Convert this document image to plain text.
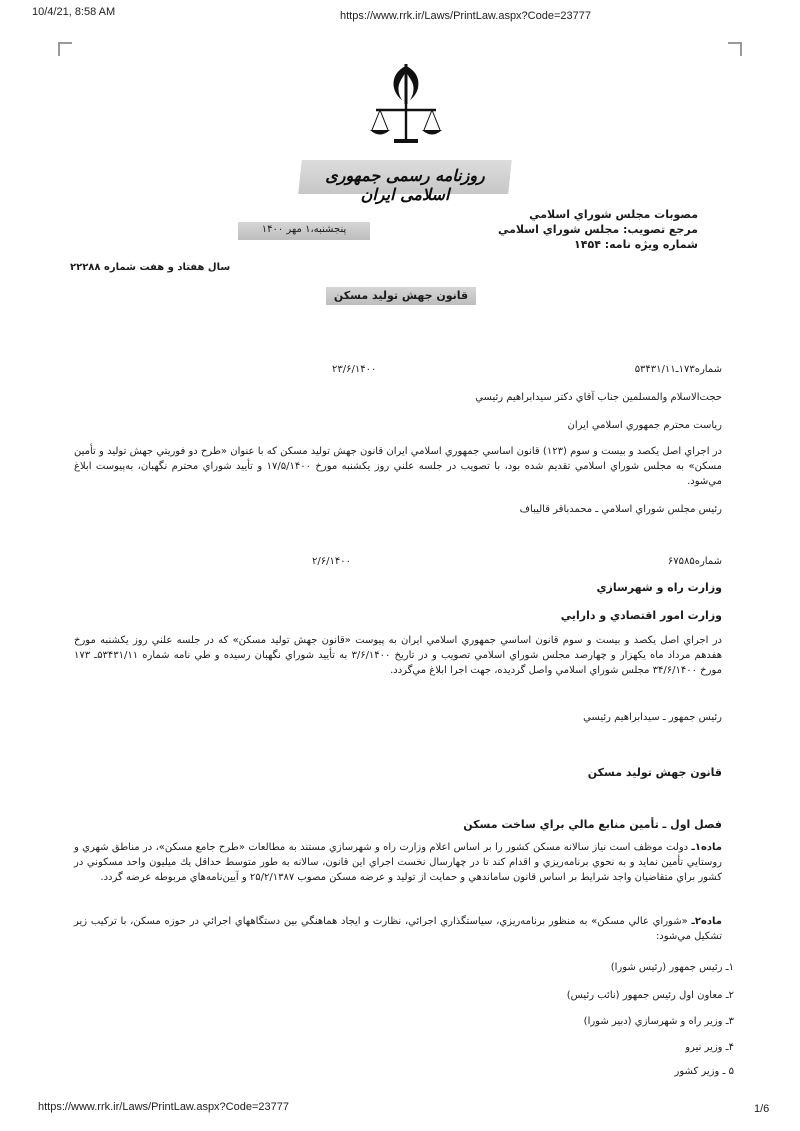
10/4/21, 8:58 AM	https://www.rrk.ir/Laws/PrintLaw.aspx?Code=23777
روزنامه رسمی جمهوری اسلامی ایران
مصوبات مجلس شوراي اسلامي
مرجع تصويب: مجلس شوراي اسلامي
شماره ويژه نامه: ۱۴۵۴
پنجشنبه،۱ مهر ۱۴۰۰
سال هفتاد و هفت شماره ۲۲۲۸۸
قانون جهش توليد مسكن
شماره۱۷۳ـ۵۳۴۳۱/۱۱
۲۳/۶/۱۴۰۰
حجت‌الاسلام والمسلمين جناب آقاي دكتر سيدابراهيم رئيسي
رياست محترم جمهوري اسلامي ايران
در اجراي اصل يكصد و بيست و سوم (۱۲۳) قانون اساسي جمهوري اسلامي ايران قانون جهش توليد مسكن كه با عنوان «طرح دو فوريتي جهش توليد و تأمين مسكن» به مجلس شوراي اسلامي تقديم شده بود، با تصويب در جلسه علني روز يكشنبه مورخ ۱۷/۵/۱۴۰۰ و تأييد شوراي محترم نگهبان، به‌پيوست ابلاغ مي‌شود.
رئيس مجلس شوراي اسلامي ـ محمدباقر قاليباف
شماره۶۷۵۸۵
۲/۶/۱۴۰۰
وزارت راه و شهرسازي
وزارت امور اقتصادي و دارايي
در اجراي اصل يكصد و بيست و سوم قانون اساسي جمهوري اسلامي ايران به پيوست «قانون جهش توليد مسكن» كه در جلسه علني روز يكشنبه مورخ هفدهم مرداد ماه يكهزار و چهارصد مجلس شوراي اسلامي تصويب و در تاريخ ۳/۶/۱۴۰۰ به تأييد شوراي نگهبان رسيده و طي نامه شماره ۵۳۴۳۱/۱۱ـ ۱۷۳ مورخ ۳۴/۶/۱۴۰۰ مجلس شوراي اسلامي واصل گرديده، جهت اجرا ابلاغ مي‌گردد.
رئيس جمهور ـ سيدابراهيم رئيسي
قانون جهش توليد مسكن
فصل اول ـ تأمين منابع مالي براي ساخت مسكن
ماده۱ـ دولت موظف است نياز سالانه مسكن كشور را بر اساس اعلام وزارت راه و شهرسازي مستند به مطالعات «طرح جامع مسكن»، در مناطق شهري و روستايي تأمين نمايد و به نحوي برنامه‌ريزي و اقدام كند تا در چهارسال نخست اجراي اين قانون، سالانه به طور متوسط حداقل يك ميليون واحد مسكوني در كشور براي متقاضيان واجد شرايط بر اساس قانون ساماندهي و حمايت از توليد و عرضه مسكن مصوب ۲۵/۲/۱۳۸۷ و آيين‌نامه‌هاي مربوطه عرضه گردد.
ماده۲ـ «شوراي عالي مسكن» به منظور برنامه‌ريزي، سياستگذاري اجرائي، نظارت و ايجاد هماهنگي بين دستگاههاي اجرائي در حوزه مسكن، با تركيب زير تشكيل مي‌شود:
۱ـ رئيس جمهور (رئيس شورا)
۲ـ معاون اول رئيس جمهور (نائب رئيس)
۳ـ وزير راه و شهرسازي (دبير شورا)
۴ـ وزير نيرو
۵ ـ وزير كشور
https://www.rrk.ir/Laws/PrintLaw.aspx?Code=23777	1/6
